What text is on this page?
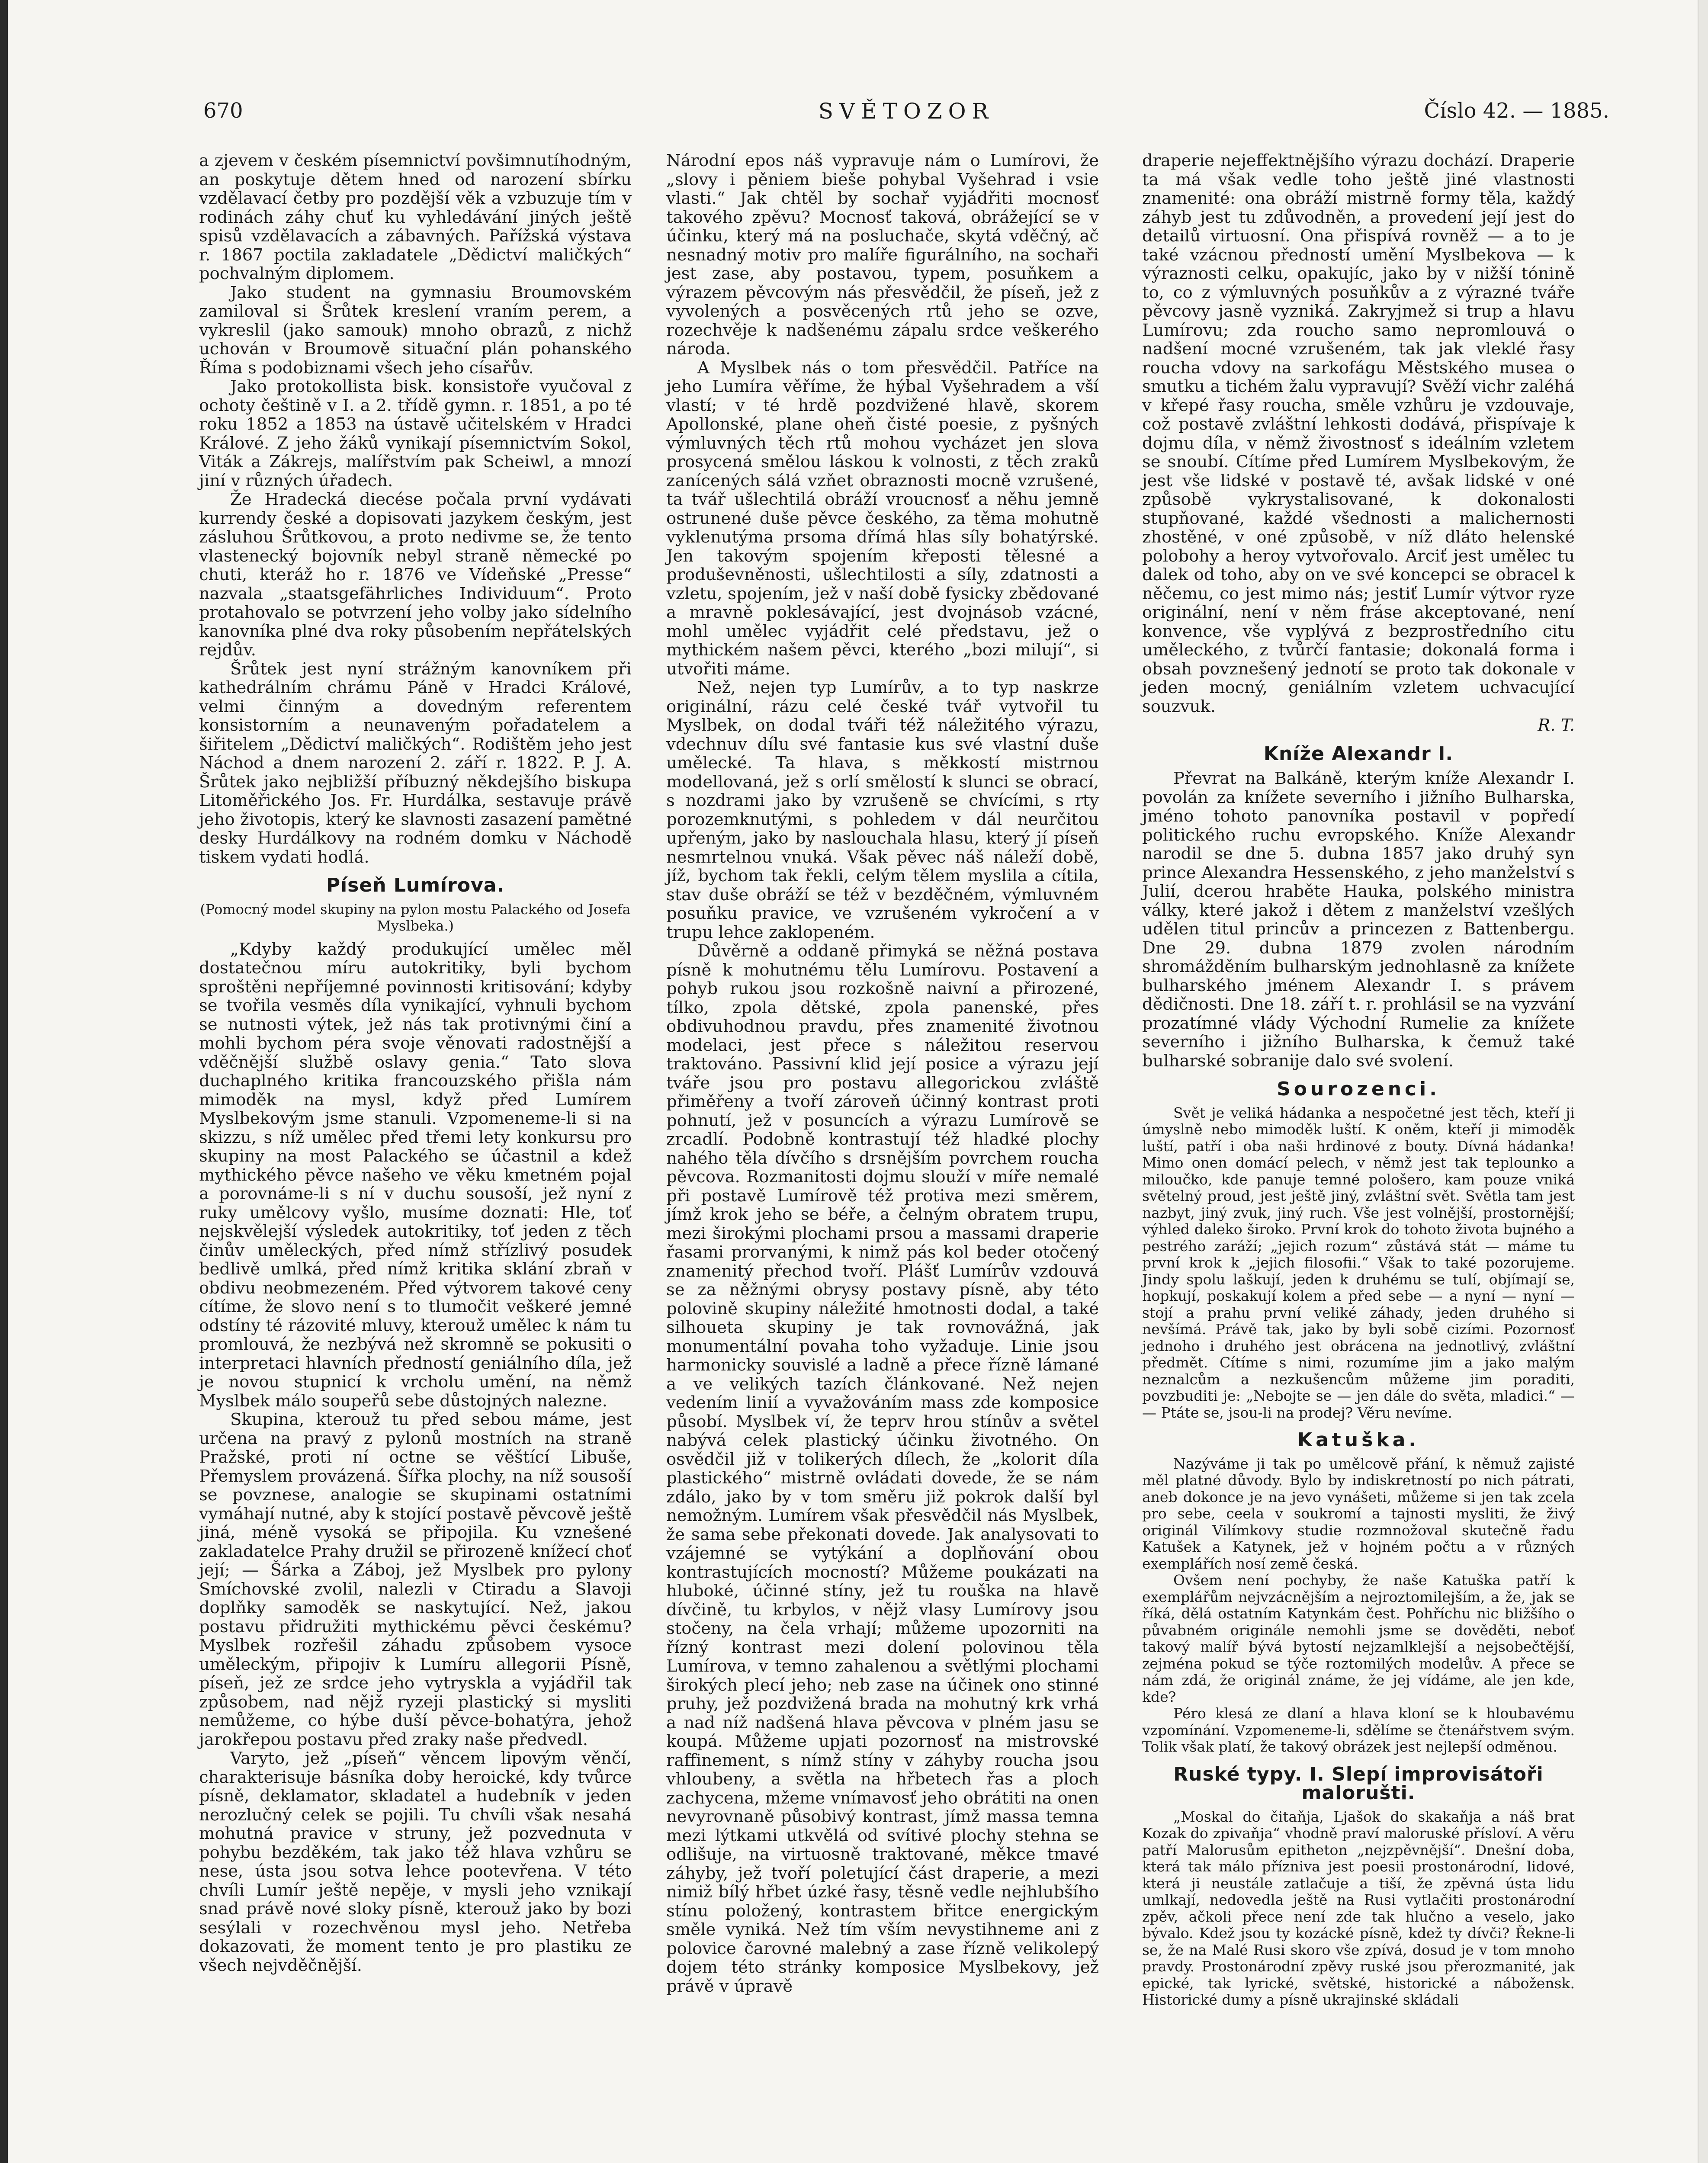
SVĚTOZOR
670	Číslo 42. — 1885.

a zjevem v českém písemnictví povšimnutíhodným, an poskytuje dětem hned od narození sbírku vzdělavací četby pro pozdější věk a vzbuzuje tím v rodinách záhy chuť ku vyhledávání jiných ještě spisů vzdělavacích a zábavných. Pařížská výstava r. 1867 poctila zakladatele „Dědictví maličkých“ pochvalným diplomem.

Jako student na gymnasiu Broumovském zamiloval si Šrůtek kreslení vraním perem, a vykreslil (jako samouk) mnoho obrazů, z nichž uchován v Broumově situační plán pohanského Říma s podobiznami všech jeho císařův.

Jako protokollista bisk. konsistoře vyučoval z ochoty češtině v I. a 2. třídě gymn. r. 1851, a po té roku 1852 a 1853 na ústavě učitelském v Hradci Králové. Z jeho žáků vynikají písemnictvím Sokol, Viták a Zákrejs, malířstvím pak Scheiwl, a mnozí jiní v různých úřadech.

Že Hradecká diecése počala první vydávati kurrendy české a dopisovati jazykem českým, jest zásluhou Šrůtkovou, a proto nedivme se, že tento vlastenecký bojovník nebyl straně německé po chuti, kteráž ho r. 1876 ve Vídeňské „Presse“ nazvala „staatsgefährliches Individuum“. Proto protahovalo se potvrzení jeho volby jako sídelního kanovníka plné dva roky působením nepřátelských rejdův.

Šrůtek jest nyní strážným kanovníkem při kathedrálním chrámu Páně v Hradci Králové, velmi činným a dovedným referentem konsistorním a neunaveným pořadatelem a šiřitelem „Dědictví maličkých“. Rodištěm jeho jest Náchod a dnem narození 2. září r. 1822. P. J. A. Šrůtek jako nejbližší příbuzný někdejšího biskupa Litoměřického Jos. Fr. Hurdálka, sestavuje právě jeho životopis, který ke slavnosti zasazení pamětné desky Hurdálkovy na rodném domku v Náchodě tiskem vydati hodlá.

Píseň Lumírova.
(Pomocný model skupiny na pylon mostu Palackého od Josefa Myslbeka.)

„Kdyby každý produkující umělec měl dostatečnou míru autokritiky, byli bychom sproštěni nepříjemné povinnosti kritisování; kdyby se tvořila vesměs díla vynikající, vyhnuli bychom se nutnosti výtek, jež nás tak protivnými činí a mohli bychom péra svoje věnovati radostnější a vděčnější službě oslavy genia.“ Tato slova duchaplného kritika francouzského přišla nám mimoděk na mysl, když před Lumírem Myslbekovým jsme stanuli. Vzpomeneme-li si na skizzu, s níž umělec před třemi lety konkursu pro skupiny na most Palackého se účastnil a kdež mythického pěvce našeho ve věku kmetném pojal a porovnáme-li s ní v duchu sousoší, jež nyní z ruky umělcovy vyšlo, musíme doznati: Hle, toť nejskvělejší výsledek autokritiky, toť jeden z těch činův uměleckých, před nímž střízlivý posudek bedlivě umlká, před nímž kritika sklání zbraň v obdivu neobmezeném. Před výtvorem takové ceny cítíme, že slovo není s to tlumočit veškeré jemné odstíny té rázovité mluvy, kterouž umělec k nám tu promlouvá, že nezbývá než skromně se pokusiti o interpretaci hlavních předností geniálního díla, jež je novou stupnicí k vrcholu umění, na němž Myslbek málo soupeřů sebe důstojných nalezne.

Skupina, kterouž tu před sebou máme, jest určena na pravý z pylonů mostních na straně Pražské, proti ní octne se věštící Libuše, Přemyslem provázená. Šířka plochy, na níž sousoší se povznese, analogie se skupinami ostatními vymáhají nutné, aby k stojící postavě pěvcově ještě jiná, méně vysoká se připojila. Ku vznešené zakladatelce Prahy družil se přirozeně knížecí choť její; — Šárka a Záboj, jež Myslbek pro pylony Smíchovské zvolil, nalezli v Ctiradu a Slavoji doplňky samoděk se naskytující. Než, jakou postavu přidružiti mythickému pěvci českému? Myslbek rozřešil záhadu způsobem vysoce uměleckým, připojiv k Lumíru allegorii Písně, píseň, jež ze srdce jeho vytryskla a vyjádřil tak způsobem, nad nějž ryzeji plastický si mysliti nemůžeme, co hýbe duší pěvce-bohatýra, jehož jarokřepou postavu před zraky naše předvedl.

Varyto, jež „píseň“ věncem lipovým věnčí, charakterisuje básníka doby heroické, kdy tvůrce písně, deklamator, skladatel a hudebník v jeden nerozlučný celek se pojili. Tu chvíli však nesahá mohutná pravice v struny, jež pozvednuta v pohybu bezděkém, tak jako též hlava vzhůru se nese, ústa jsou sotva lehce pootevřena. V této chvíli Lumír ještě nepěje, v mysli jeho vznikají snad právě nové sloky písně, kterouž jako by bozi sesýlali v rozechvěnou mysl jeho. Netřeba dokazovati, že moment tento je pro plastiku ze všech nejvděčnější.

Národní epos náš vypravuje nám o Lumírovi, že „slovy i pěniem bieše pohybal Vyšehrad i vsie vlasti.“ Jak chtěl by sochař vyjádřiti mocnosť takového zpěvu? Mocnosť taková, obrážející se v účinku, který má na posluchače, skytá vděčný, ač nesnadný motiv pro malíře figurálního, na sochaři jest zase, aby postavou, typem, posuňkem a výrazem pěvcovým nás přesvědčil, že píseň, jež z vyvolených a posvěcených rtů jeho se ozve, rozechvěje k nadšenému zápalu srdce veškerého národa.

A Myslbek nás o tom přesvědčil. Patříce na jeho Lumíra věříme, že hýbal Vyšehradem a vší vlastí; v té hrdě pozdvižené hlavě, skorem Apollonské, plane oheň čisté poesie, z pyšných výmluvných těch rtů mohou vycházet jen slova prosycená smělou láskou k volnosti, z těch zraků zanícených sálá vzňet obraznosti mocně vzrušené, ta tvář ušlechtilá obráží vroucnosť a něhu jemně ostrunené duše pěvce českého, za těma mohutně vyklenutýma prsoma dřímá hlas síly bohatýrské. Jen takovým spojením křeposti tělesné a produševněnosti, ušlechtilosti a síly, zdatnosti a vzletu, spojením, jež v naší době fysicky zbědované a mravně poklesávající, jest dvojnásob vzácné, mohl umělec vyjádřit celé představu, jež o mythickém našem pěvci, kterého „bozi milují“, si utvořiti máme.

Než, nejen typ Lumírův, a to typ naskrze originální, rázu celé české tvář vytvořil tu Myslbek, on dodal tváři též náležitého výrazu, vdechnuv dílu své fantasie kus své vlastní duše umělecké. Ta hlava, s měkkostí mistrnou modellovaná, jež s orlí smělostí k slunci se obrací, s nozdrami jako by vzrušeně se chvícími, s rty porozemknutými, s pohledem v dál neurčitou upřeným, jako by naslouchala hlasu, který jí píseň nesmrtelnou vnuká. Však pěvec náš náleží době, jíž, bychom tak řekli, celým tělem myslila a cítila, stav duše obráží se též v bezděčném, výmluvném posuňku pravice, ve vzrušeném vykročení a v trupu lehce zaklopeném.

Důvěrně a oddaně přimyká se něžná postava písně k mohutnému tělu Lumírovu. Postavení a pohyb rukou jsou rozkošně naivní a přirozené, tílko, zpola dětské, zpola panenské, přes obdivuhodnou pravdu, přes znamenité životnou modelaci, jest přece s náležitou reservou traktováno. Passivní klid její posice a výrazu její tváře jsou pro postavu allegorickou zvláště přiměřeny a tvoří zároveň účinný kontrast proti pohnutí, jež v posuncích a výrazu Lumírově se zrcadlí. Podobně kontrastují též hladké plochy nahého těla dívčího s drsnějším povrchem roucha pěvcova. Rozmanitosti dojmu slouží v míře nemalé při postavě Lumírově též protiva mezi směrem, jímž krok jeho se béře, a čelným obratem trupu, mezi širokými plochami prsou a massami draperie řasami prorvanými, k nimž pás kol beder otočený znamenitý přechod tvoří. Plášť Lumírův vzdouvá se za něžnými obrysy postavy písně, aby této polovině skupiny náležité hmotnosti dodal, a také silhoueta skupiny je tak rovnovážná, jak monumentální povaha toho vyžaduje. Linie jsou harmonicky souvislé a ladně a přece řízně lámané a ve velikých tazích článkované. Než nejen vedením linií a vyvažováním mass zde komposice působí. Myslbek ví, že teprv hrou stínův a světel nabývá celek plastický účinku životného. On osvědčil již v tolikerých dílech, že „kolorit díla plastického“ mistrně ovládati dovede, že se nám zdálo, jako by v tom směru již pokrok další byl nemožným. Lumírem však přesvědčil nás Myslbek, že sama sebe překonati dovede. Jak analysovati to vzájemné se vytýkání a doplňování obou kontrastujících mocností? Můžeme poukázati na hluboké, účinné stíny, jež tu rouška na hlavě dívčině, tu krbylos, v nějž vlasy Lumírovy jsou stočeny, na čela vrhají; můžeme upozorniti na řízný kontrast mezi dolení polovinou těla Lumírova, v temno zahalenou a světlými plochami širokých plecí jeho; neb zase na účinek ono stinné pruhy, jež pozdvižená brada na mohutný krk vrhá a nad níž nadšená hlava pěvcova v plném jasu se koupá. Můžeme upjati pozornosť na mistrovské raffinement, s nímž stíny v záhyby roucha jsou vhloubeny, a světla na hřbetech řas a ploch zachycena, mžeme vnímavosť jeho obrátiti na onen nevyrovnaně působivý kontrast, jímž massa temna mezi lýtkami utkvělá od svítivé plochy stehna se odlišuje, na virtuosně traktované, měkce tmavé záhyby, jež tvoří poletující část draperie, a mezi nimiž bílý hřbet úzké řasy, těsně vedle nejhlubšího stínu položený, kontrastem břitce energickým směle vyniká. Než tím vším nevystihneme ani z polovice čarovné malebný a zase řízně velikolepý dojem této stránky komposice Myslbekovy, jež právě v úpravě

draperie nejeffektnějšího výrazu dochází. Draperie ta má však vedle toho ještě jiné vlastnosti znamenité: ona obráží mistrně formy těla, každý záhyb jest tu zdůvodněn, a provedení její jest do detailů virtuosní. Ona přispívá rovněž — a to je také vzácnou předností umění Myslbekova — k výraznosti celku, opakujíc, jako by v nižší tónině to, co z výmluvných posuňkův a z výrazné tváře pěvcovy jasně vyzniká. Zakryjmež si trup a hlavu Lumírovu; zda roucho samo nepromlouvá o nadšení mocné vzrušeném, tak jak vleklé řasy roucha vdovy na sarkofágu Městského musea o smutku a tichém žalu vypravují? Svěží vichr zaléhá v křepé řasy roucha, směle vzhůru je vzdouvaje, což postavě zvláštní lehkosti dodává, přispívaje k dojmu díla, v němž živostnosť s ideálním vzletem se snoubí. Cítíme před Lumírem Myslbekovým, že jest vše lidské v postavě té, avšak lidské v oné způsobě vykrystalisované, k dokonalosti stupňované, každé všednosti a malichernosti zhostěné, v oné způsobě, v níž dláto helenské polobohy a heroy vytvořovalo. Arciť jest umělec tu dalek od toho, aby on ve své koncepci se obracel k něčemu, co jest mimo nás; jestiť Lumír výtvor ryze originální, není v něm fráse akceptované, není konvence, vše vyplývá z bezprostředního citu uměleckého, z tvůrčí fantasie; dokonalá forma i obsah povznešený jednotí se proto tak dokonale v jeden mocný, geniálním vzletem uchvacující souzvuk.

R. T.
Kníže Alexandr I.

Převrat na Balkáně, kterým kníže Alexandr I. povolán za knížete severního i jižního Bulharska, jméno tohoto panovníka postavil v popředí politického ruchu evropského. Kníže Alexandr narodil se dne 5. dubna 1857 jako druhý syn prince Alexandra Hessenského, z jeho manželství s Julií, dcerou hraběte Hauka, polského ministra války, které jakož i dětem z manželství vzešlých udělen titul princův a princezen z Battenbergu. Dne 29. dubna 1879 zvolen národním shromážděním bulharským jednohlasně za knížete bulharského jménem Alexandr I. s právem dědičnosti. Dne 18. září t. r. prohlásil se na vyzvání prozatímné vlády Východní Rumelie za knížete severního i jižního Bulharska, k čemuž také bulharské sobranije dalo své svolení.

Sourozenci.

Svět je veliká hádanka a nespočetné jest těch, kteří ji úmyslně nebo mimoděk luští. K oněm, kteří ji mimoděk luští, patří i oba naši hrdinové z bouty. Dívná hádanka! Mimo onen domácí pelech, v němž jest tak teplounko a miloučko, kde panuje temné pološero, kam pouze vniká světelný proud, jest ještě jiný, zvláštní svět. Světla tam jest nazbyt, jiný zvuk, jiný ruch. Vše jest volnější, prostornější; výhled daleko široko. První krok do tohoto života bujného a pestrého zaráží; „jejich rozum“ zůstává stát — máme tu první krok k „jejich filosofii.“ Však to také pozorujeme. Jindy spolu laškují, jeden k druhému se tulí, objímají se, hopkují, poskakují kolem a před sebe — a nyní — nyní — stojí a prahu první veliké záhady, jeden druhého si nevšímá. Právě tak, jako by byli sobě cizími. Pozornosť jednoho i druhého jest obrácena na jednotlivý, zvláštní předmět. Cítíme s nimi, rozumíme jim a jako malým neznalcům a nezkušencům můžeme jim poraditi, povzbuditi je: „Nebojte se — jen dále do světa, mladici.“ — — Ptáte se, jsou-li na prodej? Věru nevíme.

Katuška.

Nazýváme ji tak po umělcově přání, k němuž zajisté měl platné důvody. Bylo by indiskretností po nich pátrati, aneb dokonce je na jevo vynášeti, můžeme si jen tak zcela pro sebe, ceela v soukromí a tajnosti mysliti, že živý originál Vilímkovy studie rozmnožoval skutečně řadu Katušek a Katynek, jež v hojném počtu a v různých exemplářích nosí země česká.

Ovšem není pochyby, že naše Katuška patří k exemplářům nejvzácnějším a nejroztomilejším, a že, jak se říká, dělá ostatním Katynkám čest. Pohříchu nic bližšího o půvabném originále nemohli jsme se dověděti, neboť takový malíř bývá bytostí nejzamlklejší a nejsobečtější, zejména pokud se týče roztomilých modelův. A přece se nám zdá, že originál známe, že jej vídáme, ale jen kde, kde?

Péro klesá ze dlaní a hlava kloní se k hloubavému vzpomínání. Vzpomeneme-li, sdělíme se čtenářstvem svým. Tolik však platí, že takový obrázek jest nejlepší odměnou.

Ruské typy. I. Slepí improvisátoři malorušti.

„Moskal do čitaňja, Ljašok do skakaňja a náš brat Kozak do zpivaňja“ vhodně praví maloruské přísloví. A věru patří Malorusům epitheton „nejzpěvnější“. Dnešní doba, která tak málo přízniva jest poesii prostonárodní, lidové, která ji neustále zatlačuje a tiší, že zpěvná ústa lidu umlkají, nedovedla ještě na Rusi vytlačiti prostonárodní zpěv, ačkoli přece není zde tak hlučno a veselo, jako bývalo. Kdež jsou ty kozácké písně, kdež ty dívči? Řekne-li se, že na Malé Rusi skoro vše zpívá, dosud je v tom mnoho pravdy. Prostonárodní zpěvy ruské jsou přerozmanité, jak epické, tak lyrické, světské, historické a nábožensk. Historické dumy a písně ukrajinské skládali
